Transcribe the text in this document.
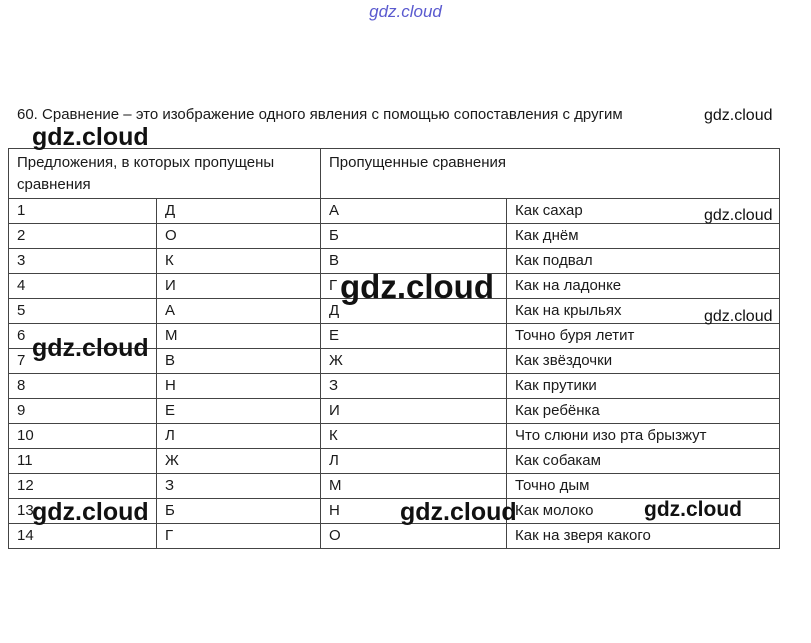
gdz.cloud
60. Сравнение – это изображение одного явления с помощью сопоставления с другим
Предложения, в которых пропущены сравнения		Пропущенные сравнения	
1	Д	А	Как сахар
2	О	Б	Как днём
3	К	В	Как подвал
4	И	Г	Как на ладонке
5	А	Д	Как на крыльях
6	М	Е	Точно буря летит
7	В	Ж	Как звёздочки
8	Н	З	Как прутики
9	Е	И	Как ребёнка
10	Л	К	Что слюни изо рта брызжут
11	Ж	Л	Как собакам
12	З	М	Точно дым
13	Б	Н	Как молоко
14	Г	О	Как на зверя какого
gdz.cloud
gdz.cloud
gdz.cloud
gdz.cloud
gdz.cloud
gdz.cloud
gdz.cloud	gdz.cloud	gdz.cloud
